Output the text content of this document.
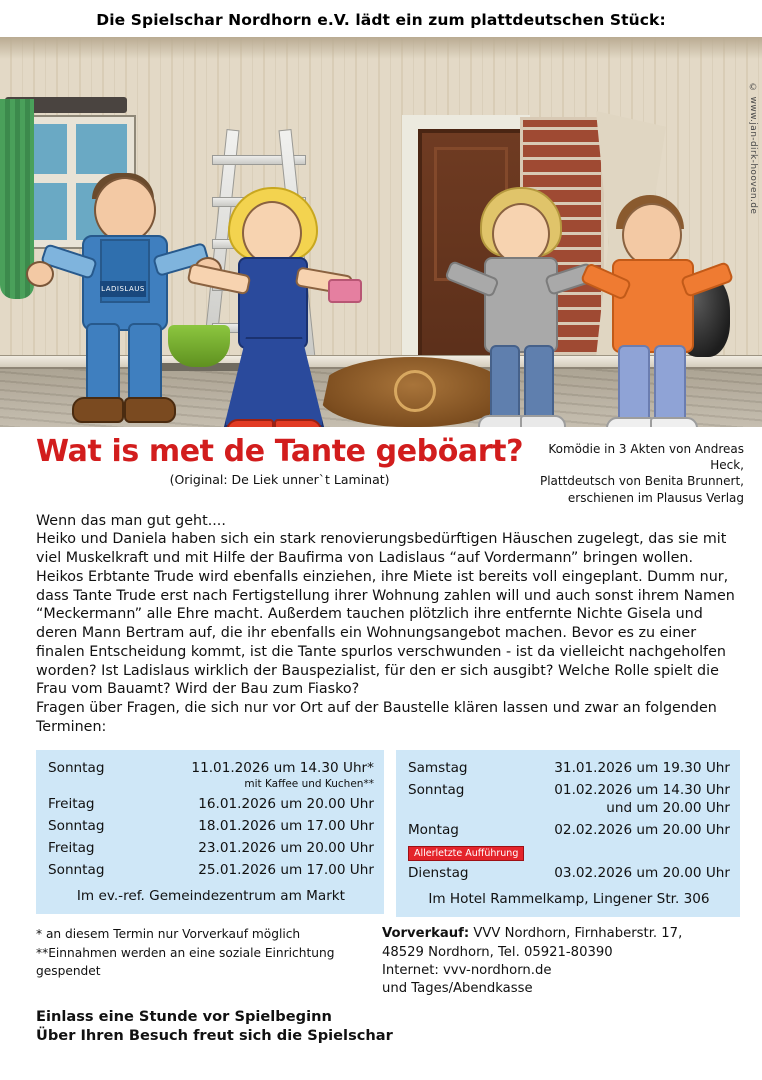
Die Spielschar Nordhorn e.V. lädt ein zum plattdeutschen Stück:
LADISLAUS
© www.jan-dirk-hooven.de
Wat is met de Tante geböart?
(Original: De Liek unner`t Laminat)
Komödie in 3 Akten von Andreas Heck,
Plattdeutsch von Benita Brunnert,
erschienen im Plausus Verlag

Wenn das man gut geht....

Heiko und Daniela haben sich ein stark renovierungsbedürftigen Häuschen zugelegt, das sie mit viel Muskelkraft und mit Hilfe der Baufirma von Ladislaus “auf Vordermann” bringen wollen. Heikos Erbtante Trude wird ebenfalls einziehen, ihre Miete ist bereits voll eingeplant. Dumm nur, dass Tante Trude erst nach Fertigstellung ihrer Wohnung zahlen will und auch sonst ihrem Namen “Meckermann” alle Ehre macht. Außerdem tauchen plötzlich ihre entfernte Nichte Gisela und deren Mann Bertram auf, die ihr ebenfalls ein Wohnungsangebot machen. Bevor es zu einer finalen Entscheidung kommt, ist die Tante spurlos verschwunden - ist da vielleicht nachgeholfen worden? Ist Ladislaus wirklich der Bauspezialist, für den er sich ausgibt? Welche Rolle spielt die Frau vom Bauamt? Wird der Bau zum Fiasko?

Fragen über Fragen, die sich nur vor Ort auf der Baustelle klären lassen und zwar an folgenden Terminen:

Sonntag	11.01.2026 um 14.30 Uhr*
mit Kaffee und Kuchen**
Freitag	16.01.2026 um 20.00 Uhr
Sonntag	18.01.2026 um 17.00 Uhr
Freitag	23.01.2026 um 20.00 Uhr
Sonntag	25.01.2026 um 17.00 Uhr
Im ev.-ref. Gemeindezentrum am Markt
Samstag	31.01.2026 um 19.30 Uhr
Sonntag	01.02.2026 um 14.30 Uhr
und um 20.00 Uhr
Montag	02.02.2026 um 20.00 Uhr
Allerletzte Aufführung
Dienstag	03.02.2026 um 20.00 Uhr
Im Hotel Rammelkamp, Lingener Str. 306
* an diesem Termin nur Vorverkauf möglich
**Einnahmen werden an eine soziale Einrichtung gespendet
Vorverkauf: VVV Nordhorn, Firnhaberstr. 17,
48529 Nordhorn, Tel. 05921-80390
Internet: vvv-nordhorn.de
und Tages/Abendkasse
Einlass eine Stunde vor Spielbeginn
Über Ihren Besuch freut sich die Spielschar
